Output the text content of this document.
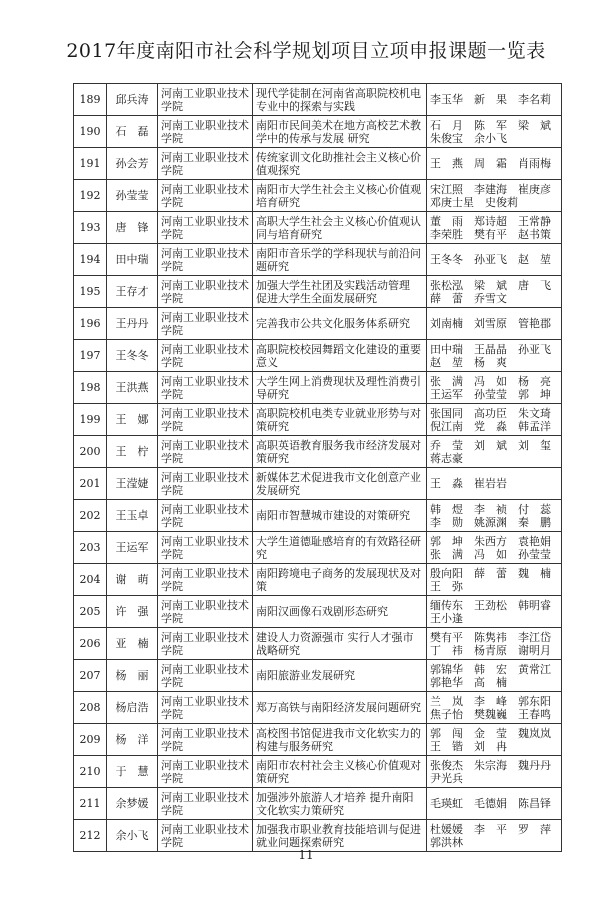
2017年度南阳市社会科学规划项目立项申报课题一览表
189	邱兵涛	河南工业职业技术学院	现代学徒制在河南省高职院校机电专业中的探索与实践	李玉华　新　果　李名莉

190	石　磊	河南工业职业技术学院	南阳市民间美术在地方高校艺术教学中的传承与发展 研究	石　月　陈　军　梁　斌
朱俊宝　余小飞

191	孙会芳	河南工业职业技术学院	传统家训文化助推社会主义核心价值观探究	王　燕　周　霜　肖雨梅

192	孙莹莹	河南工业职业技术学院	南阳市大学生社会主义核心价值观培育研究	宋江照　李建海　崔庚彦
邓庚士星　史俊莉

193	唐　锋	河南工业职业技术学院	高职大学生社会主义核心价值观认同与培育研究	董　雨　郑诗超　王常静
李荣胜　樊有平　赵书策

194	田中瑞	河南工业职业技术学院	南阳市音乐学的学科现状与前沿问题研究	王冬冬　孙亚飞　赵　堃

195	王存才	河南工业职业技术学院	加强大学生社团及实践活动管理 促进大学生全面发展研究	张松泓　梁　斌　唐　飞
薛　蕾　乔雪文

196	王丹丹	河南工业职业技术学院	完善我市公共文化服务体系研究	刘南楠　刘雪原　管艳郡

197	王冬冬	河南工业职业技术学院	高职院校校园舞蹈文化建设的重要意义	田中瑞　王晶晶　孙亚飞
赵　堃　杨　爽

198	王洪燕	河南工业职业技术学院	大学生网上消费现状及理性消费引导研究	张　满　冯　如　杨　亮
王运军　孙莹莹　郭　坤

199	王　娜	河南工业职业技术学院	高职院校机电类专业就业形势与对策研究	张国同　高功臣　朱文琦
倪江南　党　淼　韩孟洋

200	王　柠	河南工业职业技术学院	高职英语教育服务我市经济发展对策研究	乔　莹　刘　斌　刘　玺
蒋志豪

201	王滢婕	河南工业职业技术学院	新媒体艺术促进我市文化创意产业发展研究	王　淼　崔岩岩

202	王玉卓	河南工业职业技术学院	南阳市智慧城市建设的对策研究	韩　煜　李　祯　付　蕊
李　勋　姚源渊　秦　鹏

203	王运军	河南工业职业技术学院	大学生道德耻感培育的有效路径研究	郭　坤　朱西方　袁艳娟
张　满　冯　如　孙莹莹

204	谢　萌	河南工业职业技术学院	南阳跨境电子商务的发展现状及对策	殷向阳　薛　蕾　魏　楠
王　弥

205	许　强	河南工业职业技术学院	南阳汉画像石戏剧形态研究	缅传东　王劲松　韩明睿
王小逢

206	亚　楠	河南工业职业技术学院	建设人力资源强市 实行人才强市战略研究	樊有平　陈隽祎　李江岱
丁　祎　杨青原　谢明月

207	杨　丽	河南工业职业技术学院	南阳旅游业发展研究	郭锦华　韩　宏　黄常江
郭艳华　高　楠

208	杨启浩	河南工业职业技术学院	郑万高铁与南阳经济发展问题研究	兰　岚　李　峰　郭东阳
焦子怡　樊魏巍　王春鸣

209	杨　洋	河南工业职业技术学院	高校图书馆促进我市文化软实力的构建与服务研究	郭　闯　金　莹　魏岚岚
王　锴　刘　冉

210	于　慧	河南工业职业技术学院	南阳市农村社会主义核心价值观对策研究	张俊杰　朱宗海　魏丹丹
尹光兵

211	余梦媛	河南工业职业技术学院	加强涉外旅游人才培养 提升南阳文化软实力策研究	毛瑛虹　毛德娟　陈昌铎

212	余小飞	河南工业职业技术学院	加强我市职业教育技能培训与促进就业问题探索研究	杜媛媛　李　平　罗　萍
郭洪林
11
